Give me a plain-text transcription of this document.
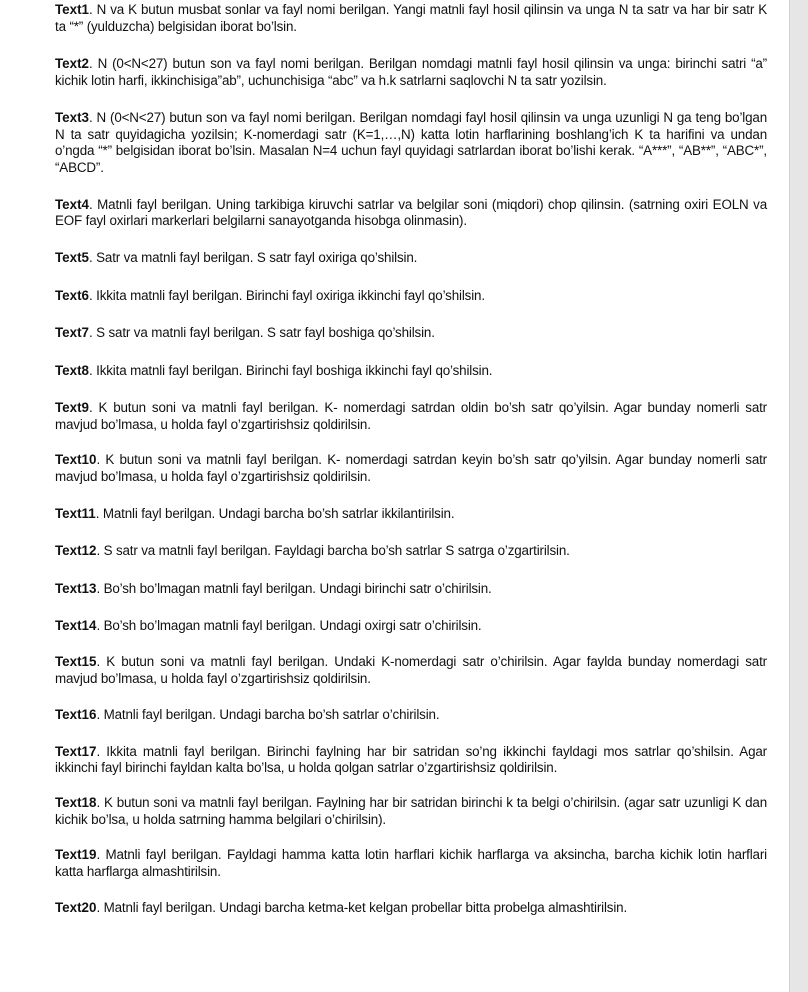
Text1. N va K butun musbat sonlar va fayl nomi berilgan. Yangi matnli fayl hosil qilinsin va unga N ta satr va har bir satr K ta “*” (yulduzcha) belgisidan iborat bo’lsin.

Text2. N (0<N<27) butun son va fayl nomi berilgan. Berilgan nomdagi matnli fayl hosil qilinsin va unga: birinchi satri “a” kichik lotin harfi, ikkinchisiga”ab”, uchunchisiga “abc” va h.k satrlarni saqlovchi N ta satr yozilsin.

Text3. N (0<N<27) butun son va fayl nomi berilgan. Berilgan nomdagi fayl hosil qilinsin va unga uzunligi N ga teng bo’lgan N ta satr quyidagicha yozilsin; K-nomerdagi satr (K=1,…,N) katta lotin harflarining boshlang’ich K ta harifini va undan o’ngda “*” belgisidan iborat bo’lsin. Masalan N=4 uchun fayl quyidagi satrlardan iborat bo’lishi kerak. “A***”, “AB**”, “ABC*”, “ABCD”.

Text4. Matnli fayl berilgan. Uning tarkibiga kiruvchi satrlar va belgilar soni (miqdori) chop qilinsin. (satrning oxiri EOLN va EOF fayl oxirlari markerlari belgilarni sanayotganda hisobga olinmasin).

Text5. Satr va matnli fayl berilgan. S satr fayl oxiriga qo’shilsin.

Text6. Ikkita matnli fayl berilgan. Birinchi fayl oxiriga ikkinchi fayl qo’shilsin.

Text7. S satr va matnli fayl berilgan. S satr fayl boshiga qo’shilsin.

Text8. Ikkita matnli fayl berilgan. Birinchi fayl boshiga ikkinchi fayl qo’shilsin.

Text9. K butun soni va matnli fayl berilgan. K- nomerdagi satrdan oldin bo’sh satr qo’yilsin. Agar bunday nomerli satr mavjud bo’lmasa, u holda fayl o’zgartirishsiz qoldirilsin.

Text10. K butun soni va matnli fayl berilgan. K- nomerdagi satrdan keyin bo’sh satr qo’yilsin. Agar bunday nomerli satr mavjud bo’lmasa, u holda fayl o’zgartirishsiz qoldirilsin.

Text11. Matnli fayl berilgan. Undagi barcha bo’sh satrlar ikkilantirilsin.

Text12. S satr va matnli fayl berilgan. Fayldagi barcha bo’sh satrlar S satrga o’zgartirilsin.

Text13. Bo’sh bo’lmagan matnli fayl berilgan. Undagi birinchi satr o’chirilsin.

Text14. Bo’sh bo’lmagan matnli fayl berilgan. Undagi oxirgi satr o’chirilsin.

Text15. K butun soni va matnli fayl berilgan. Undaki K-nomerdagi satr o’chirilsin. Agar faylda bunday nomerdagi satr mavjud bo’lmasa, u holda fayl o’zgartirishsiz qoldirilsin.

Text16. Matnli fayl berilgan. Undagi barcha bo’sh satrlar o’chirilsin.

Text17. Ikkita matnli fayl berilgan. Birinchi faylning har bir satridan so’ng ikkinchi fayldagi mos satrlar qo’shilsin. Agar ikkinchi fayl birinchi fayldan kalta bo’lsa, u holda qolgan satrlar o’zgartirishsiz qoldirilsin.

Text18. K butun soni va matnli fayl berilgan. Faylning har bir satridan birinchi k ta belgi o’chirilsin. (agar satr uzunligi K dan kichik bo’lsa, u holda satrning hamma belgilari o’chirilsin).

Text19. Matnli fayl berilgan. Fayldagi hamma katta lotin harflari kichik harflarga va aksincha, barcha kichik lotin harflari katta harflarga almashtirilsin.

Text20. Matnli fayl berilgan. Undagi barcha ketma-ket kelgan probellar bitta probelga almashtirilsin.
